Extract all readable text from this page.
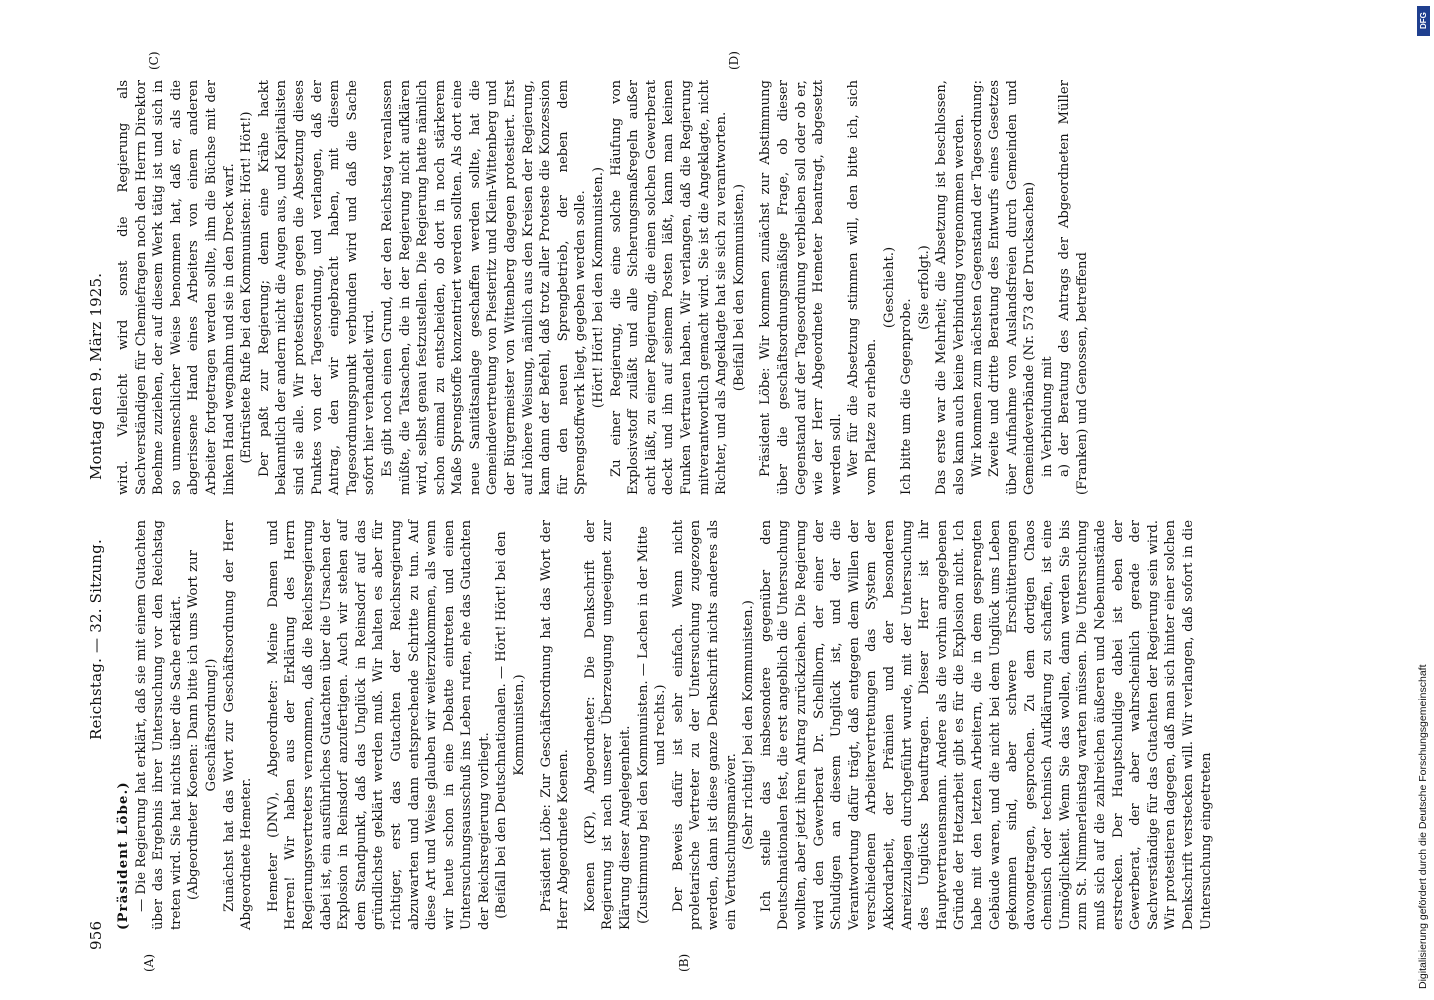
956
Reichstag. — 32. Sitzung.
Montag den 9. März 1925.
(A)	(B)
(C)	(D)

(Präsident Löbe.) — Die Regierung hat erklärt, daß sie mit einem Gutachten über das Ergebnis ihrer Untersuchung vor den Reichstag treten wird. Sie hat nichts über die Sache erklärt. (Abgeordneter Koenen: Dann bitte ich ums Wort zur Geschäftsordnung!) Zunächst hat das Wort zur Geschäftsordnung der Herr Abgeordnete Hemeter. Hemeter (DNV), Abgeordneter: Meine Damen und Herren! Wir haben aus der Erklärung des Herrn Regierungsvertreters vernommen, daß die Reichsregierung dabei ist, ein ausführliches Gutachten über die Ursachen der Explosion in Reinsdorf anzufertigen. Auch wir stehen auf dem Standpunkt, daß das Unglück in Reinsdorf auf das gründlichste geklärt werden muß. Wir halten es aber für richtiger, erst das Gutachten der Reichsregierung abzuwarten und dann entsprechende Schritte zu tun. Auf diese Art und Weise glauben wir weiterzukommen, als wenn wir heute schon in eine Debatte eintreten und einen Untersuchungsausschuß ins Leben rufen, ehe das Gutachten der Reichsregierung vorliegt. (Beifall bei den Deutschnationalen. — Hört! Hört! bei den Kommunisten.) Präsident Löbe: Zur Geschäftsordnung hat das Wort der Herr Abgeordnete Koenen. Koenen (KP), Abgeordneter: Die Denkschrift der Regierung ist nach unserer Überzeugung ungeeignet zur Klärung dieser Angelegenheit. (Zustimmung bei den Kommunisten. — Lachen in der Mitte und rechts.) Der Beweis dafür ist sehr einfach. Wenn nicht proletarische Vertreter zu der Untersuchung zugezogen werden, dann ist diese ganze Denkschrift nichts anderes als ein Vertuschungsmanöver. (Sehr richtig! bei den Kommunisten.) Ich stelle das insbesondere gegenüber den Deutschnationalen fest, die erst angeblich die Untersuchung wollten, aber jetzt ihren Antrag zurückziehen. Die Regierung wird den Gewerberat Dr. Schellhorn, der einer der Schuldigen an diesem Unglück ist, und der die Verantwortung dafür trägt, daß entgegen dem Willen der verschiedenen Arbeitervertretungen das System der Akkordarbeit, der Prämien und der besonderen Anreizzulagen durchgeführt wurde, mit der Untersuchung des Unglücks beauftragen. Dieser Herr ist ihr Hauptvertrauensmann. Andere als die vorhin angegebenen Gründe der Hetzarbeit gibt es für die Explosion nicht. Ich habe mit den letzten Arbeitern, die in dem gesprengten Gebäude waren, und die nicht bei dem Unglück ums Leben gekommen sind, aber schwere Erschütterungen davongetragen, gesprochen. Zu dem dortigen Chaos chemisch oder technisch Aufklärung zu schaffen, ist eine Unmöglichkeit. Wenn Sie das wollen, dann werden Sie bis zum St. Nimmerleinstag warten müssen. Die Untersuchung muß sich auf die zahlreichen äußeren und Nebenumstände erstrecken. Der Hauptschuldige dabei ist eben der Gewerberat, der aber wahrscheinlich gerade der Sachverständige für das Gutachten der Regierung sein wird. Wir protestieren dagegen, daß man sich hinter einer solchen Denkschrift verstecken will. Wir verlangen, daß sofort in die Untersuchung eingetreten

wird. Vielleicht wird sonst die Regierung als Sachverständigen für Chemiefragen noch den Herrn Direktor Boehme zuziehen, der auf diesem Werk tätig ist und sich in so unmenschlicher Weise benommen hat, daß er, als die abgerissene Hand eines Arbeiters von einem anderen Arbeiter fortgetragen werden sollte, ihm die Büchse mit der linken Hand wegnahm und sie in den Dreck warf. (Entrüstete Rufe bei den Kommunisten: Hört! Hört!) Der paßt zur Regierung; denn eine Krähe hackt bekanntlich der andern nicht die Augen aus, und Kapitalisten sind sie alle. Wir protestieren gegen die Absetzung dieses Punktes von der Tagesordnung, und verlangen, daß der Antrag, den wir eingebracht haben, mit diesem Tagesordnungspunkt verbunden wird und daß die Sache sofort hier verhandelt wird. Es gibt noch einen Grund, der den Reichstag veranlassen müßte, die Tatsachen, die in der Regierung nicht aufklären wird, selbst genau festzustellen. Die Regierung hatte nämlich schon einmal zu entscheiden, ob dort in noch stärkerem Maße Sprengstoffe konzentriert werden sollten. Als dort eine neue Sanitätsanlage geschaffen werden sollte, hat die Gemeindevertretung von Piesteritz und Klein-Wittenberg und der Bürgermeister von Wittenberg dagegen protestiert. Erst auf höhere Weisung, nämlich aus den Kreisen der Regierung, kam dann der Befehl, daß trotz aller Proteste die Konzession für den neuen Sprengbetrieb, der neben dem Sprengstoffwerk liegt, gegeben werden solle. (Hört! Hört! bei den Kommunisten.) Zu einer Regierung, die eine solche Häufung von Explosivstoff zuläßt und alle Sicherungsmaßregeln außer acht läßt, zu einer Regierung, die einen solchen Gewerberat deckt und ihn auf seinem Posten läßt, kann man keinen Funken Vertrauen haben. Wir verlangen, daß die Regierung mitverantwortlich gemacht wird. Sie ist die Angeklagte, nicht Richter, und als Angeklagte hat sie sich zu verantworten. (Beifall bei den Kommunisten.) Präsident Löbe: Wir kommen zunächst zur Abstimmung über die geschäftsordnungsmäßige Frage, ob dieser Gegenstand auf der Tagesordnung verbleiben soll oder ob er, wie der Herr Abgeordnete Hemeter beantragt, abgesetzt werden soll. Wer für die Absetzung stimmen will, den bitte ich, sich vom Platze zu erheben.

(Geschieht.)

Ich bitte um die Gegenprobe.

(Sie erfolgt.) Das erste war die Mehrheit; die Absetzung ist beschlossen, also kann auch keine Verbindung vorgenommen werden. Wir kommen zum nächsten Gegenstand der Tagesordnung: Zweite und dritte Beratung des Entwurfs eines Gesetzes über Aufnahme von Auslandsfreien durch Gemeinden und Gemeindeverbände (Nr. 573 der Drucksachen) in Verbindung mit a) der Beratung des Antrags der Abgeordneten Müller (Franken) und Genossen, betreffend

Digitalisierung gefördert durch die Deutsche Forschungsgemeinschaft
DFG
